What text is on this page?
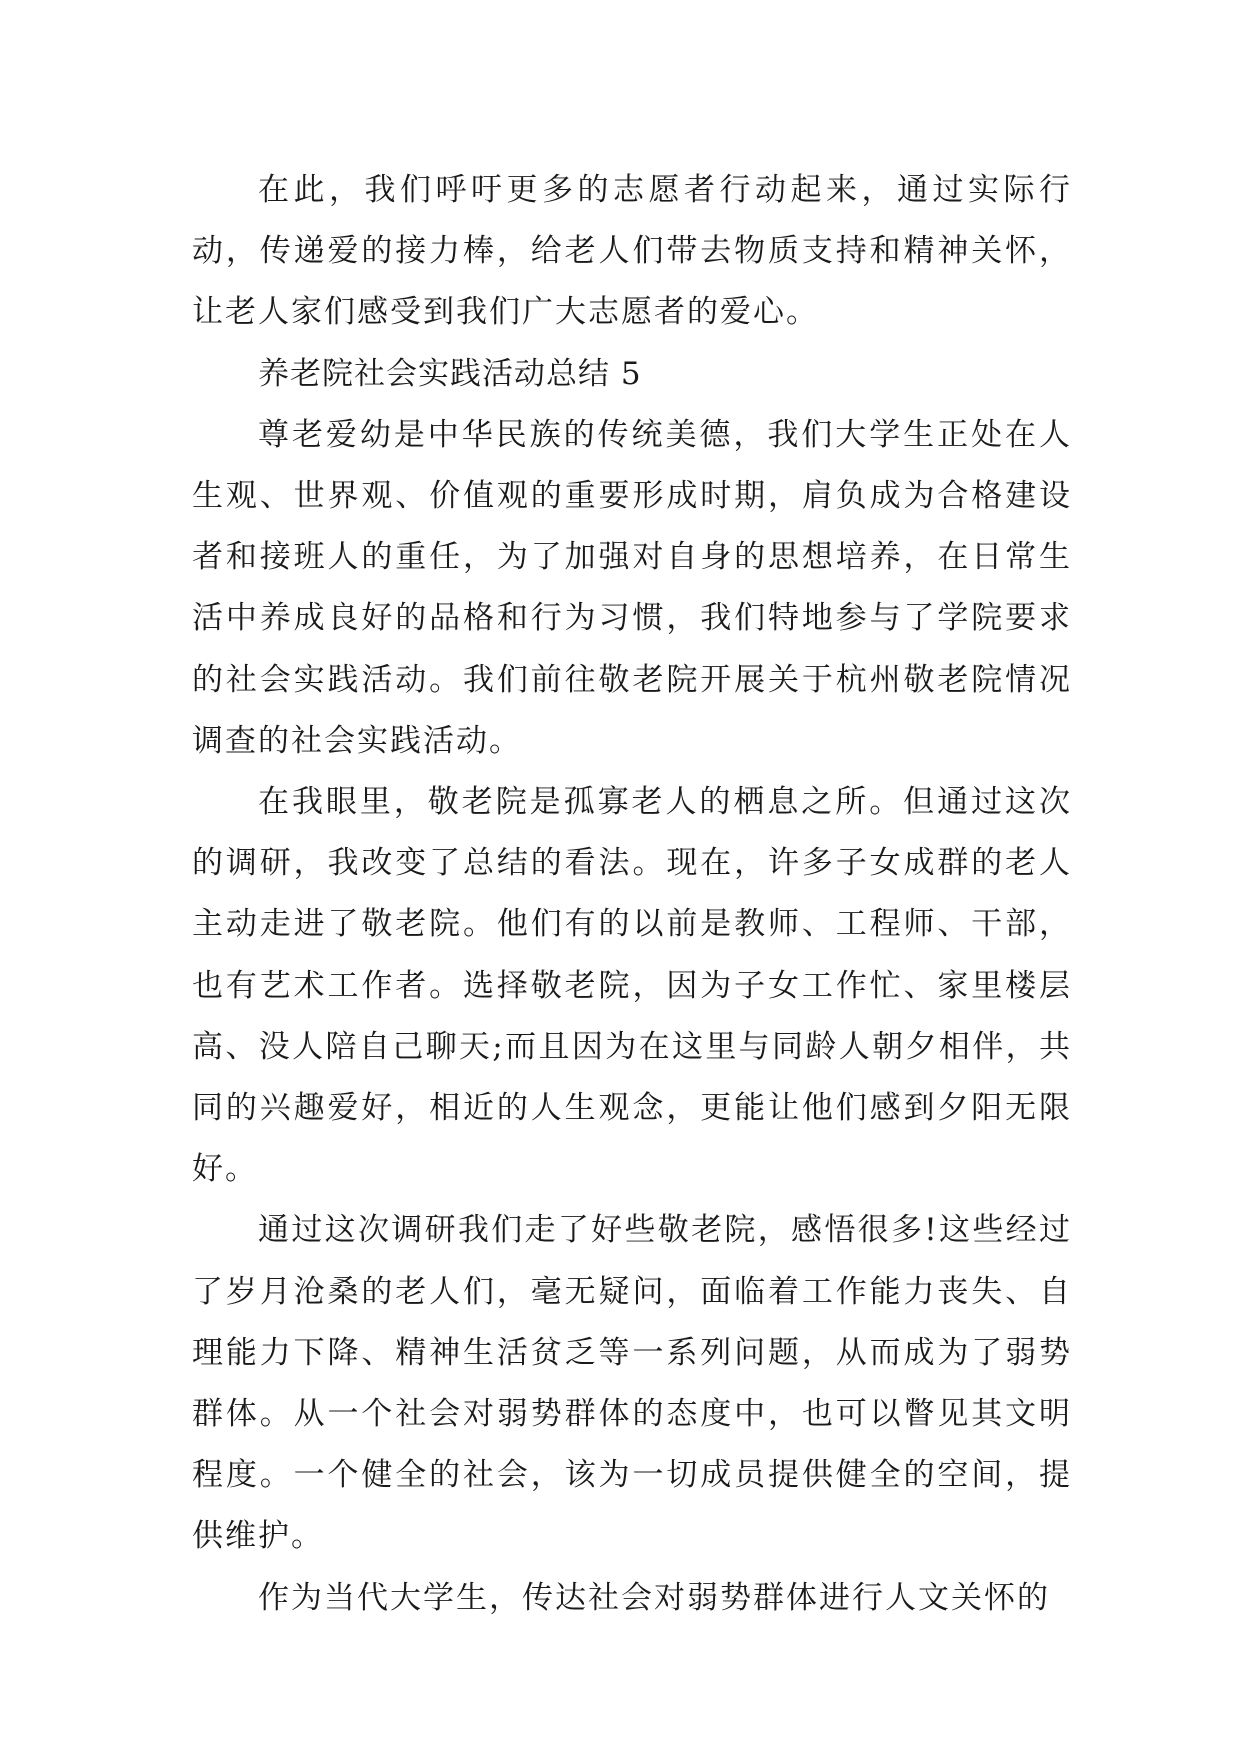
在此，我们呼吁更多的志愿者行动起来，通过实际行动，传递爱的接力棒，给老人们带去物质支持和精神关怀，让老人家们感受到我们广大志愿者的爱心。

养老院社会实践活动总结 5

尊老爱幼是中华民族的传统美德，我们大学生正处在人生观、世界观、价值观的重要形成时期，肩负成为合格建设者和接班人的重任，为了加强对自身的思想培养，在日常生活中养成良好的品格和行为习惯，我们特地参与了学院要求的社会实践活动。我们前往敬老院开展关于杭州敬老院情况调查的社会实践活动。

在我眼里，敬老院是孤寡老人的栖息之所。但通过这次的调研，我改变了总结的看法。现在，许多子女成群的老人主动走进了敬老院。他们有的以前是教师、工程师、干部，也有艺术工作者。选择敬老院，因为子女工作忙、家里楼层高、没人陪自己聊天;而且因为在这里与同龄人朝夕相伴，共同的兴趣爱好，相近的人生观念，更能让他们感到夕阳无限好。

通过这次调研我们走了好些敬老院，感悟很多!这些经过了岁月沧桑的老人们，毫无疑问，面临着工作能力丧失、自理能力下降、精神生活贫乏等一系列问题，从而成为了弱势群体。从一个社会对弱势群体的态度中，也可以瞥见其文明程度。一个健全的社会，该为一切成员提供健全的空间，提供维护。

作为当代大学生，传达社会对弱势群体进行人文关怀的
